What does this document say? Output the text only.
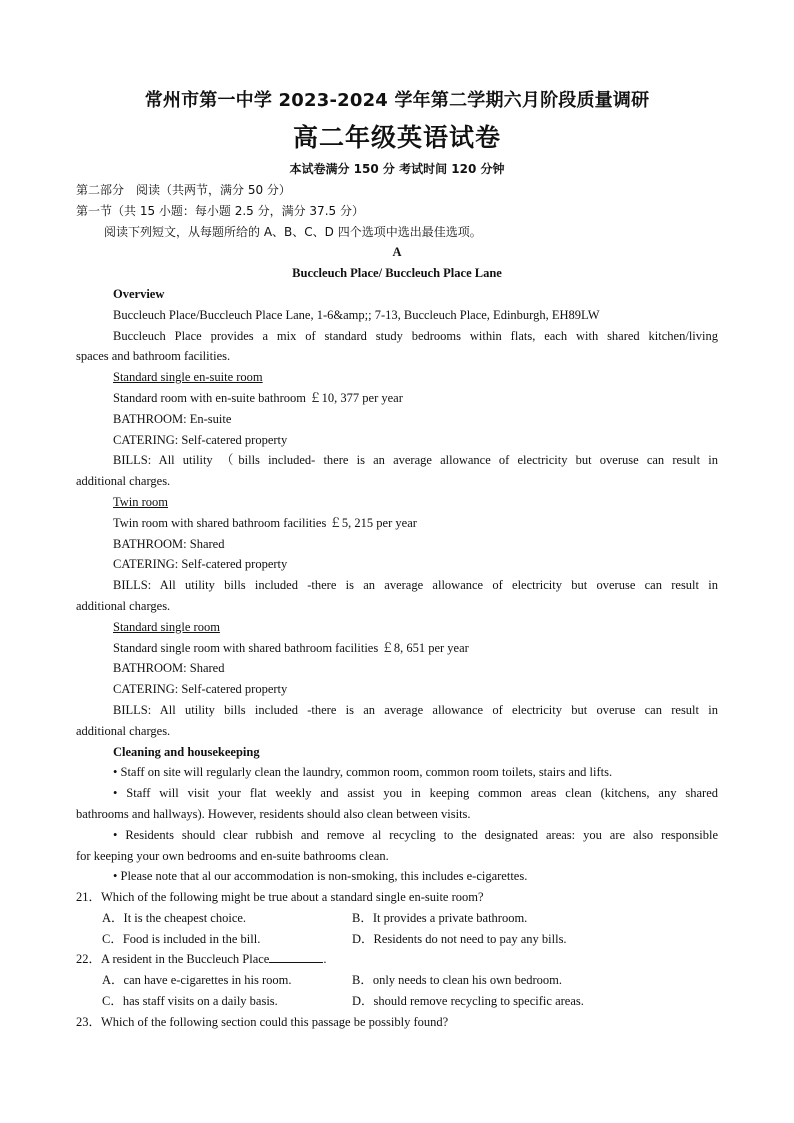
常州市第一中学 2023-2024 学年第二学期六月阶段质量调研
高二年级英语试卷
本试卷满分 150 分 考试时间 120 分钟
第二部分　阅读（共两节，满分 50 分）
第一节（共 15 小题：每小题 2.5 分，满分 37.5 分）
阅读下列短文，从每题所给的 A、B、C、D 四个选项中选出最佳选项。
A
Buccleuch Place/ Buccleuch Place Lane
Overview
Buccleuch Place/Buccleuch Place Lane, 1-6&amp;; 7-13, Buccleuch Place, Edinburgh, EH89LW
Buccleuch Place provides a mix of standard study bedrooms within flats, each with shared kitchen/living
spaces and bathroom facilities.
Standard single en-suite room
Standard room with en-suite bathroom ￡10, 377 per year
BATHROOM: En-suite
CATERING: Self-catered property
BILLS: All utility （bills included- there is an average allowance of electricity but overuse can result in
additional charges.
Twin room
Twin room with shared bathroom facilities ￡5, 215 per year
BATHROOM: Shared
CATERING: Self-catered property
BILLS: All utility bills included -there is an average allowance of electricity but overuse can result in
additional charges.
Standard single room
Standard single room with shared bathroom facilities ￡8, 651 per year
BATHROOM: Shared
CATERING: Self-catered property
BILLS: All utility bills included -there is an average allowance of electricity but overuse can result in
additional charges.
Cleaning and housekeeping
• Staff on site will regularly clean the laundry, common room, common room toilets, stairs and lifts.
• Staff will visit your flat weekly and assist you in keeping common areas clean (kitchens, any shared
bathrooms and hallways). However, residents should also clean between visits.
• Residents should clear rubbish and remove al recycling to the designated areas: you are also responsible
for keeping your own bedrooms and en-suite bathrooms clean.
• Please note that al our accommodation is non-smoking, this includes e-cigarettes.
21．Which of the following might be true about a standard single en-suite room?
A．It is the cheapest choice.	B．It provides a private bathroom.
C．Food is included in the bill.	D．Residents do not need to pay any bills.
22．A resident in the Buccleuch Place	.
A．can have e-cigarettes in his room.	B．only needs to clean his own bedroom.
C．has staff visits on a daily basis.	D．should remove recycling to specific areas.
23．Which of the following section could this passage be possibly found?
